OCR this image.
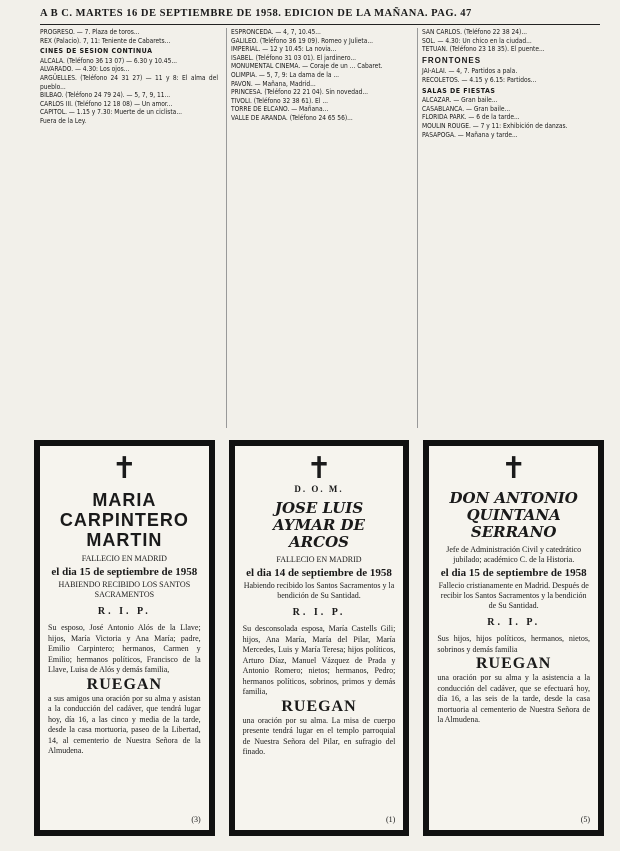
A B C. MARTES 16 DE SEPTIEMBRE DE 1958. EDICION DE LA MAÑANA. PAG. 47

PROGRESO. — 7. Plaza de toros...

REX (Palacio). 7, 11: Teniente de Cabarets...

CINES DE SESION CONTINUA

ALCALA. (Teléfono 36 13 07) — 6.30 y 10.45...

ALVARADO. — 4.30: Los ojos...

ARGÜELLES. (Teléfono 24 31 27) — 11 y 8: El alma del pueblo...

BILBAO. (Teléfono 24 79 24). — 5, 7, 9, 11...

CARLOS III. (Teléfono 12 18 08) — Un amor...

CAPITOL. — 1.15 y 7.30: Muerte de un ciclista...

Fuera de la Ley.

ESPRONCEDA. — 4, 7, 10.45...

GALILEO. (Teléfono 36 19 09). Romeo y Julieta...

IMPERIAL. — 12 y 10.45: La novia...

ISABEL. (Teléfono 31 03 01). El jardinero...

MONUMENTAL CINEMA. — Coraje de un ... Cabaret.

OLIMPIA. — 5, 7, 9: La dama de la ...

PAVON. — Mañana, Madrid...

PRINCESA. (Teléfono 22 21 04). Sin novedad...

TIVOLI. (Teléfono 32 38 61). El ...

TORRE DE ELCANO. — Mañana...

VALLE DE ARANDA. (Teléfono 24 65 56)...

SAN CARLOS. (Teléfono 22 38 24)...

SOL. — 4.30: Un chico en la ciudad...

TETUAN. (Teléfono 23 18 35). El puente...

FRONTONES

JAI-ALAI. — 4, 7. Partidos a pala.

RECOLETOS. — 4.15 y 6.15: Partidos...

SALAS DE FIESTAS

ALCAZAR. — Gran baile...

CASABLANCA. — Gran baile...

FLORIDA PARK. — 6 de la tarde...

MOULIN ROUGE. — 7 y 11: Exhibición de danzas.

PASAPOGA. — Mañana y tarde...

✝
MARIA CARPINTERO MARTIN
FALLECIO EN MADRID
el dia 15 de septiembre de 1958
HABIENDO RECIBIDO LOS SANTOS SACRAMENTOS
R. I. P.
Su esposo, José Antonio Alós de la Llave; hijos, María Victoria y Ana María; padre, Emilio Carpintero; hermanos, Carmen y Emilio; hermanos políticos, Francisco de la Llave, Luisa de Alós y demás familia,
RUEGAN
a sus amigos una oración por su alma y asistan a la conducción del cadáver, que tendrá lugar hoy, día 16, a las cinco y media de la tarde, desde la casa mortuoria, paseo de la Libertad, 14, al cementerio de Nuestra Señora de la Almudena.
(3)
✝
D. O. M.
JOSE LUIS AYMAR DE ARCOS
FALLECIO EN MADRID
el dia 14 de septiembre de 1958
Habiendo recibido los Santos Sacramentos y la bendición de Su Santidad.
R. I. P.
Su desconsolada esposa, María Castells Gili; hijos, Ana María, María del Pilar, María Mercedes, Luis y María Teresa; hijos políticos, Arturo Díaz, Manuel Vázquez de Prada y Antonio Romero; nietos; hermanos, Pedro; hermanos políticos, sobrinos, primos y demás familia,
RUEGAN
una oración por su alma. La misa de cuerpo presente tendrá lugar en el templo parroquial de Nuestra Señora del Pilar, en sufragio del finado.
(1)
✝
DON ANTONIO QUINTANA SERRANO
Jefe de Administración Civil y catedrático jubilado; académico C. de la Historia.
el dia 15 de septiembre de 1958
Fallecio cristianamente en Madrid. Después de recibir los Santos Sacramentos y la bendición de Su Santidad.
R. I. P.
Sus hijos, hijos políticos, hermanos, nietos, sobrinos y demás familia
RUEGAN
una oración por su alma y la asistencia a la conducción del cadáver, que se efectuará hoy, día 16, a las seis de la tarde, desde la casa mortuoria al cementerio de Nuestra Señora de la Almudena.
(5)
